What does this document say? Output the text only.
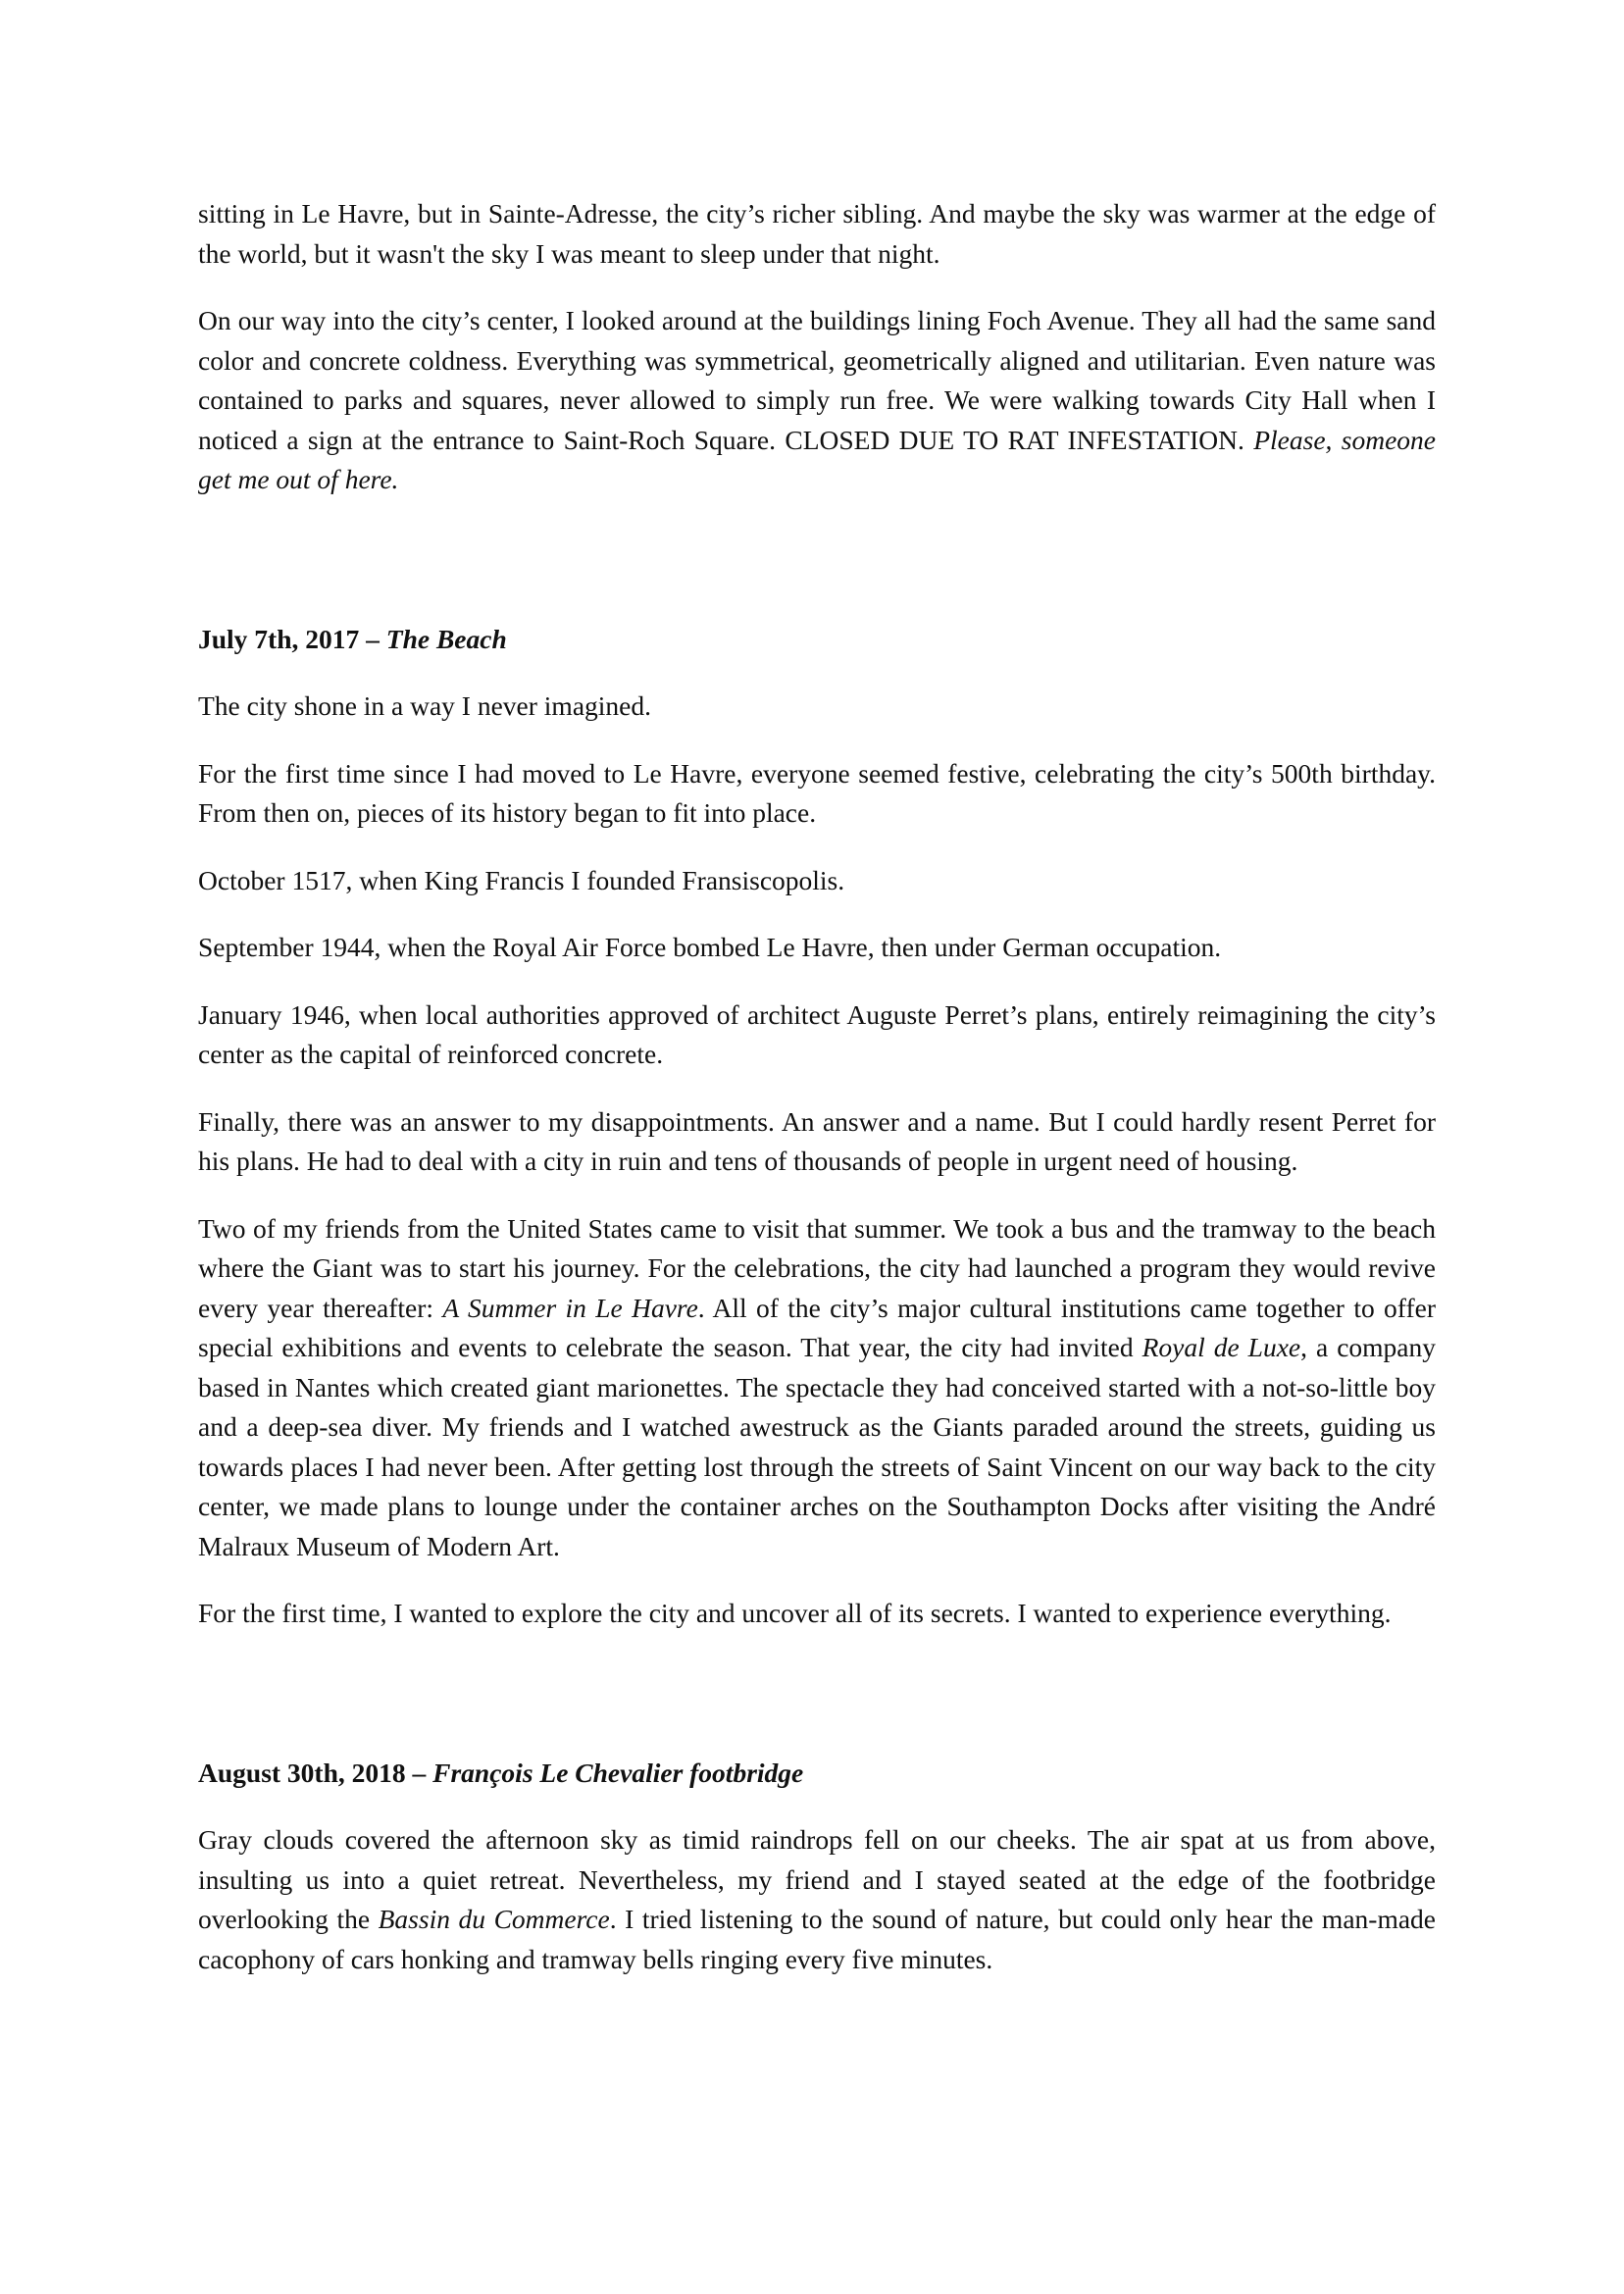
sitting in Le Havre, but in Sainte-Adresse, the city’s richer sibling. And maybe the sky was warmer at the edge of the world, but it wasn't the sky I was meant to sleep under that night.

On our way into the city’s center, I looked around at the buildings lining Foch Avenue. They all had the same sand color and concrete coldness. Everything was symmetrical, geometrically aligned and utilitarian. Even nature was contained to parks and squares, never allowed to simply run free. We were walking towards City Hall when I noticed a sign at the entrance to Saint-Roch Square. CLOSED DUE TO RAT INFESTATION. Please, someone get me out of here.

July 7th, 2017 – The Beach

The city shone in a way I never imagined.

For the first time since I had moved to Le Havre, everyone seemed festive, celebrating the city’s 500th birthday. From then on, pieces of its history began to fit into place.

October 1517, when King Francis I founded Fransiscopolis.

September 1944, when the Royal Air Force bombed Le Havre, then under German occupation.

January 1946, when local authorities approved of architect Auguste Perret’s plans, entirely reimagining the city’s center as the capital of reinforced concrete.

Finally, there was an answer to my disappointments. An answer and a name. But I could hardly resent Perret for his plans. He had to deal with a city in ruin and tens of thousands of people in urgent need of housing.

Two of my friends from the United States came to visit that summer. We took a bus and the tramway to the beach where the Giant was to start his journey. For the celebrations, the city had launched a program they would revive every year thereafter: A Summer in Le Havre. All of the city’s major cultural institutions came together to offer special exhibitions and events to celebrate the season. That year, the city had invited Royal de Luxe, a company based in Nantes which created giant marionettes. The spectacle they had conceived started with a not-so-little boy and a deep-sea diver. My friends and I watched awestruck as the Giants paraded around the streets, guiding us towards places I had never been. After getting lost through the streets of Saint Vincent on our way back to the city center, we made plans to lounge under the container arches on the Southampton Docks after visiting the André Malraux Museum of Modern Art.

For the first time, I wanted to explore the city and uncover all of its secrets. I wanted to experience everything.

August 30th, 2018 – François Le Chevalier footbridge

Gray clouds covered the afternoon sky as timid raindrops fell on our cheeks. The air spat at us from above, insulting us into a quiet retreat. Nevertheless, my friend and I stayed seated at the edge of the footbridge overlooking the Bassin du Commerce. I tried listening to the sound of nature, but could only hear the man-made cacophony of cars honking and tramway bells ringing every five minutes.
